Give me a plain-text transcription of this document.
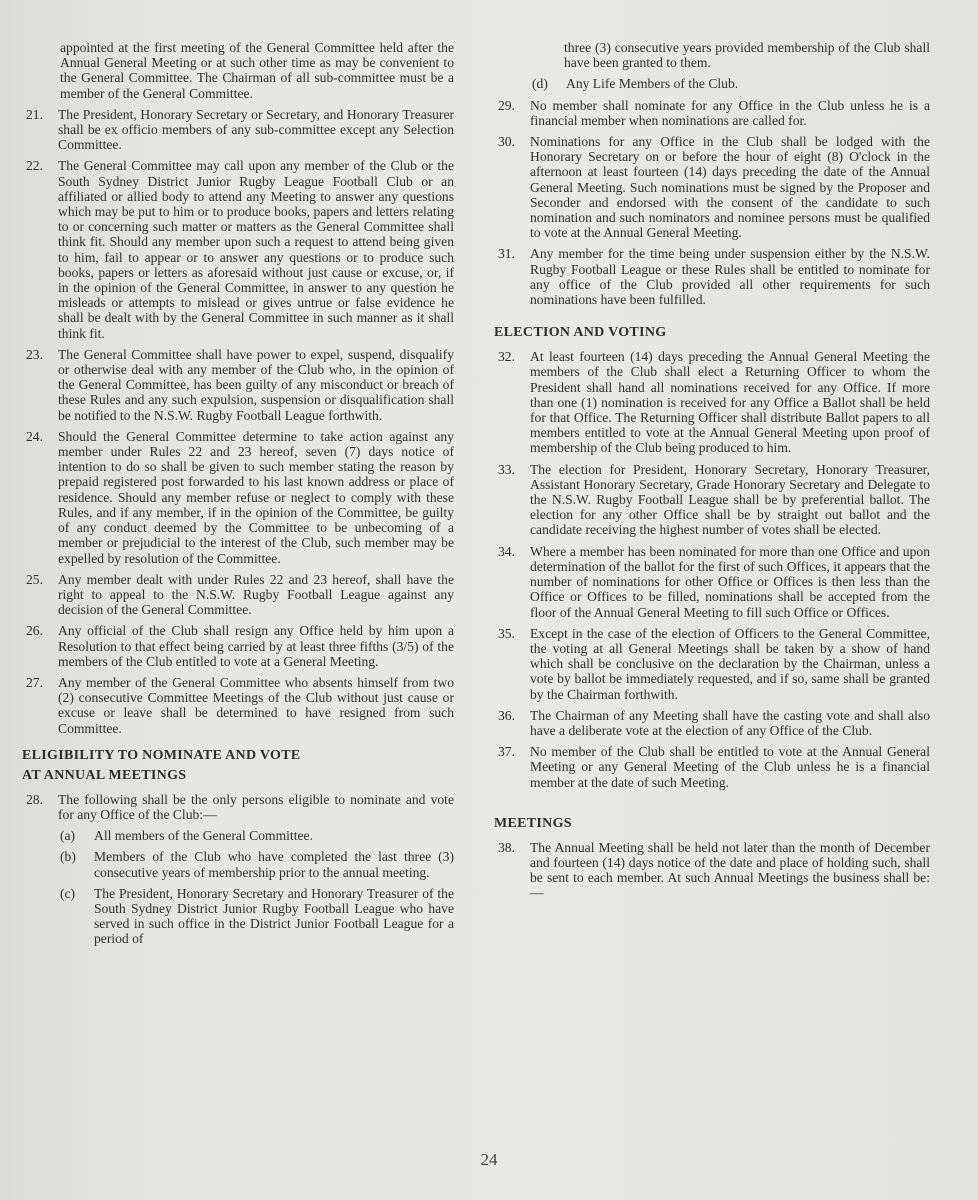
appointed at the first meeting of the General Committee held after the Annual General Meeting or at such other time as may be convenient to the General Committee. The Chairman of all sub-committee must be a member of the General Committee.

21.	The President, Honorary Secretary or Secretary, and Honorary Treasurer shall be ex officio members of any sub-committee except any Selection Committee.
22.	The General Committee may call upon any member of the Club or the South Sydney District Junior Rugby League Football Club or an affiliated or allied body to attend any Meeting to answer any questions which may be put to him or to produce books, papers and letters relating to or concerning such matter or matters as the General Committee shall think fit. Should any member upon such a request to attend being given to him, fail to appear or to answer any questions or to produce such books, papers or letters as aforesaid without just cause or excuse, or, if in the opinion of the General Committee, in answer to any question he misleads or attempts to mislead or gives untrue or false evidence he shall be dealt with by the General Committee in such manner as it shall think fit.
23.	The General Committee shall have power to expel, suspend, disqualify or otherwise deal with any member of the Club who, in the opinion of the General Committee, has been guilty of any misconduct or breach of these Rules and any such expulsion, suspension or disqualification shall be notified to the N.S.W. Rugby Football League forthwith.
24.	Should the General Committee determine to take action against any member under Rules 22 and 23 hereof, seven (7) days notice of intention to do so shall be given to such member stating the reason by prepaid registered post forwarded to his last known address or place of residence. Should any member refuse or neglect to comply with these Rules, and if any member, if in the opinion of the Committee, be guilty of any conduct deemed by the Committee to be unbecoming of a member or prejudicial to the interest of the Club, such member may be expelled by resolution of the Committee.
25.	Any member dealt with under Rules 22 and 23 hereof, shall have the right to appeal to the N.S.W. Rugby Football League against any decision of the General Committee.
26.	Any official of the Club shall resign any Office held by him upon a Resolution to that effect being carried by at least three fifths (3/5) of the members of the Club entitled to vote at a General Meeting.
27.	Any member of the General Committee who absents himself from two (2) consecutive Committee Meetings of the Club without just cause or excuse or leave shall be determined to have resigned from such Committee.
ELIGIBILITY TO NOMINATE AND VOTE
AT ANNUAL MEETINGS
28.	The following shall be the only persons eligible to nominate and vote for any Office of the Club:—
(a)	All members of the General Committee.
(b)	Members of the Club who have completed the last three (3) consecutive years of membership prior to the annual meeting.
(c)	The President, Honorary Secretary and Honorary Treasurer of the South Sydney District Junior Rugby Football League who have served in such office in the District Junior Football League for a period of

three (3) consecutive years provided membership of the Club shall have been granted to them.

(d)	Any Life Members of the Club.
29.	No member shall nominate for any Office in the Club unless he is a financial member when nominations are called for.
30.	Nominations for any Office in the Club shall be lodged with the Honorary Secretary on or before the hour of eight (8) O'clock in the afternoon at least fourteen (14) days preceding the date of the Annual General Meeting. Such nominations must be signed by the Proposer and Seconder and endorsed with the consent of the candidate to such nomination and such nominators and nominee persons must be qualified to vote at the Annual General Meeting.
31.	Any member for the time being under suspension either by the N.S.W. Rugby Football League or these Rules shall be entitled to nominate for any office of the Club provided all other requirements for such nominations have been fulfilled.
ELECTION AND VOTING
32.	At least fourteen (14) days preceding the Annual General Meeting the members of the Club shall elect a Returning Officer to whom the President shall hand all nominations received for any Office. If more than one (1) nomination is received for any Office a Ballot shall be held for that Office. The Returning Officer shall distribute Ballot papers to all members entitled to vote at the Annual General Meeting upon proof of membership of the Club being produced to him.
33.	The election for President, Honorary Secretary, Honorary Treasurer, Assistant Honorary Secretary, Grade Honorary Secretary and Delegate to the N.S.W. Rugby Football League shall be by preferential ballot. The election for any other Office shall be by straight out ballot and the candidate receiving the highest number of votes shall be elected.
34.	Where a member has been nominated for more than one Office and upon determination of the ballot for the first of such Offices, it appears that the number of nominations for other Office or Offices is then less than the Office or Offices to be filled, nominations shall be accepted from the floor of the Annual General Meeting to fill such Office or Offices.
35.	Except in the case of the election of Officers to the General Committee, the voting at all General Meetings shall be taken by a show of hand which shall be conclusive on the declaration by the Chairman, unless a vote by ballot be immediately requested, and if so, same shall be granted by the Chairman forthwith.
36.	The Chairman of any Meeting shall have the casting vote and shall also have a deliberate vote at the election of any Office of the Club.
37.	No member of the Club shall be entitled to vote at the Annual General Meeting or any General Meeting of the Club unless he is a financial member at the date of such Meeting.
MEETINGS
38.	The Annual Meeting shall be held not later than the month of December and fourteen (14) days notice of the date and place of holding such, shall be sent to each member. At such Annual Meetings the business shall be:—
24
